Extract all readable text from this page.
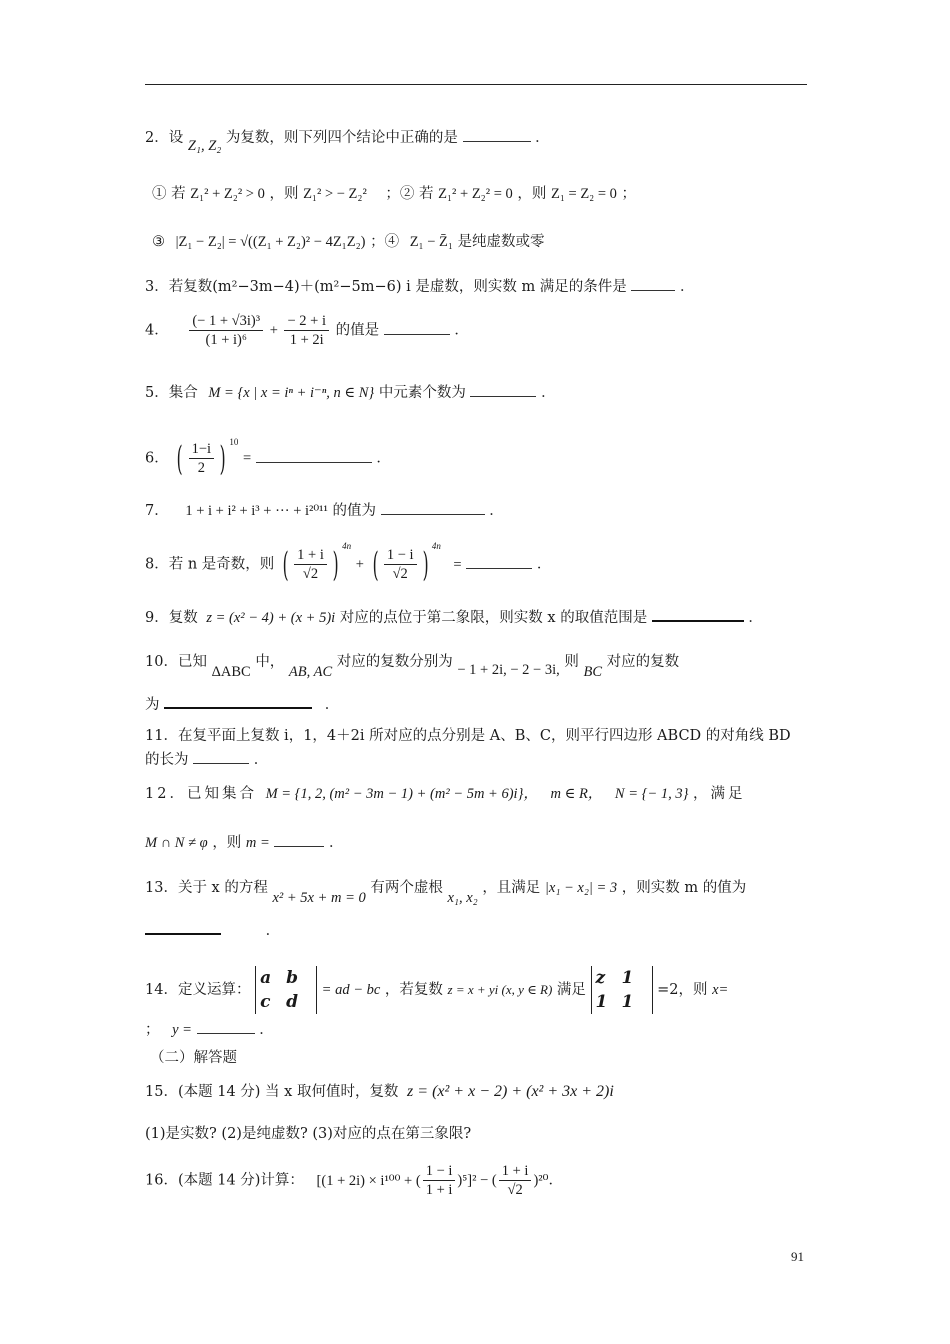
2．设 Z₁, Z₂ 为复数，则下列四个结论中正确的是	．
① 若 Z₁² + Z₂² > 0 ，则 Z₁² > − Z₂² ；② 若 Z₁² + Z₂² = 0 ，则 Z₁ = Z₂ = 0 ；
③ |Z₁ − Z₂| = √((Z₁ + Z₂)² − 4Z₁Z₂) ；④ Z₁ − Z̄₁ 是纯虚数或零
3．若复数(m²−3m−4)＋(m²−5m−6) i 是虚数，则实数 m 满足的条件是	．
4． $\frac{\text{(− 1 + √3i)³}}{\text{(1 + i)⁶}} + \frac{- 2 + i}{1 + 2i}$ 的值是	．
5．集合 M = {x | x = iⁿ + i⁻ⁿ, n ∈ N} 中元素个数为	．
6． ( $\frac{1-i}{2}$ ) $^{10}$ =	．
7． 1 + i + i² + i³ + ··· + i²⁰¹¹ 的值为	．
8．若 n 是奇数，则 ( $\frac{1 + i}{√2}$ ) $^{4n}$ + ( $\frac{1 - i}{√2}$ ) $^{4n}$ =	．
9．复数 z = (x² − 4) + (x + 5)i 对应的点位于第二象限，则实数 x 的取值范围是	．
10．已知 ΔABC 中， AB, AC 对应的复数分别为 − 1 + 2i, − 2 − 3i, 则 BC 对应的复数
为	．
11．在复平面上复数 i，1，4＋2i 所对应的点分别是 A、B、C，则平行四边形 ABCD 的对角线 BD
的长为	．
12．已知集合 M = {1, 2, (m² − 3m − 1) + (m² − 5m + 6)i}， m ∈ R， N = {− 1, 3} ，满足
M ∩ N ≠ φ ，则 m =	．
13．关于 x 的方程 x² + 5x + m = 0 有两个虚根 x₁, x₂ ，且满足 |x₁ − x₂| = 3 ，则实数 m 的值为
．
14．定义运算：
a b
c d
= ad − bc ，若复数 z = x + yi (x, y ∈ R) 满足
z 1
1 1
=2，则 x=
； y =	．
（二）解答题
15．(本题 14 分) 当 x 取何值时，复数 z = (x² + x − 2) + (x² + 3x + 2)i
(1)是实数? (2)是纯虚数? (3)对应的点在第三象限?
16．(本题 14 分)计算： [(1 + 2i) × i¹⁰⁰ + ( $\frac{1 - i}{1 + i} )^5]^2$ − ( $\frac{1 + i}{√2} )^{20}$．
91
